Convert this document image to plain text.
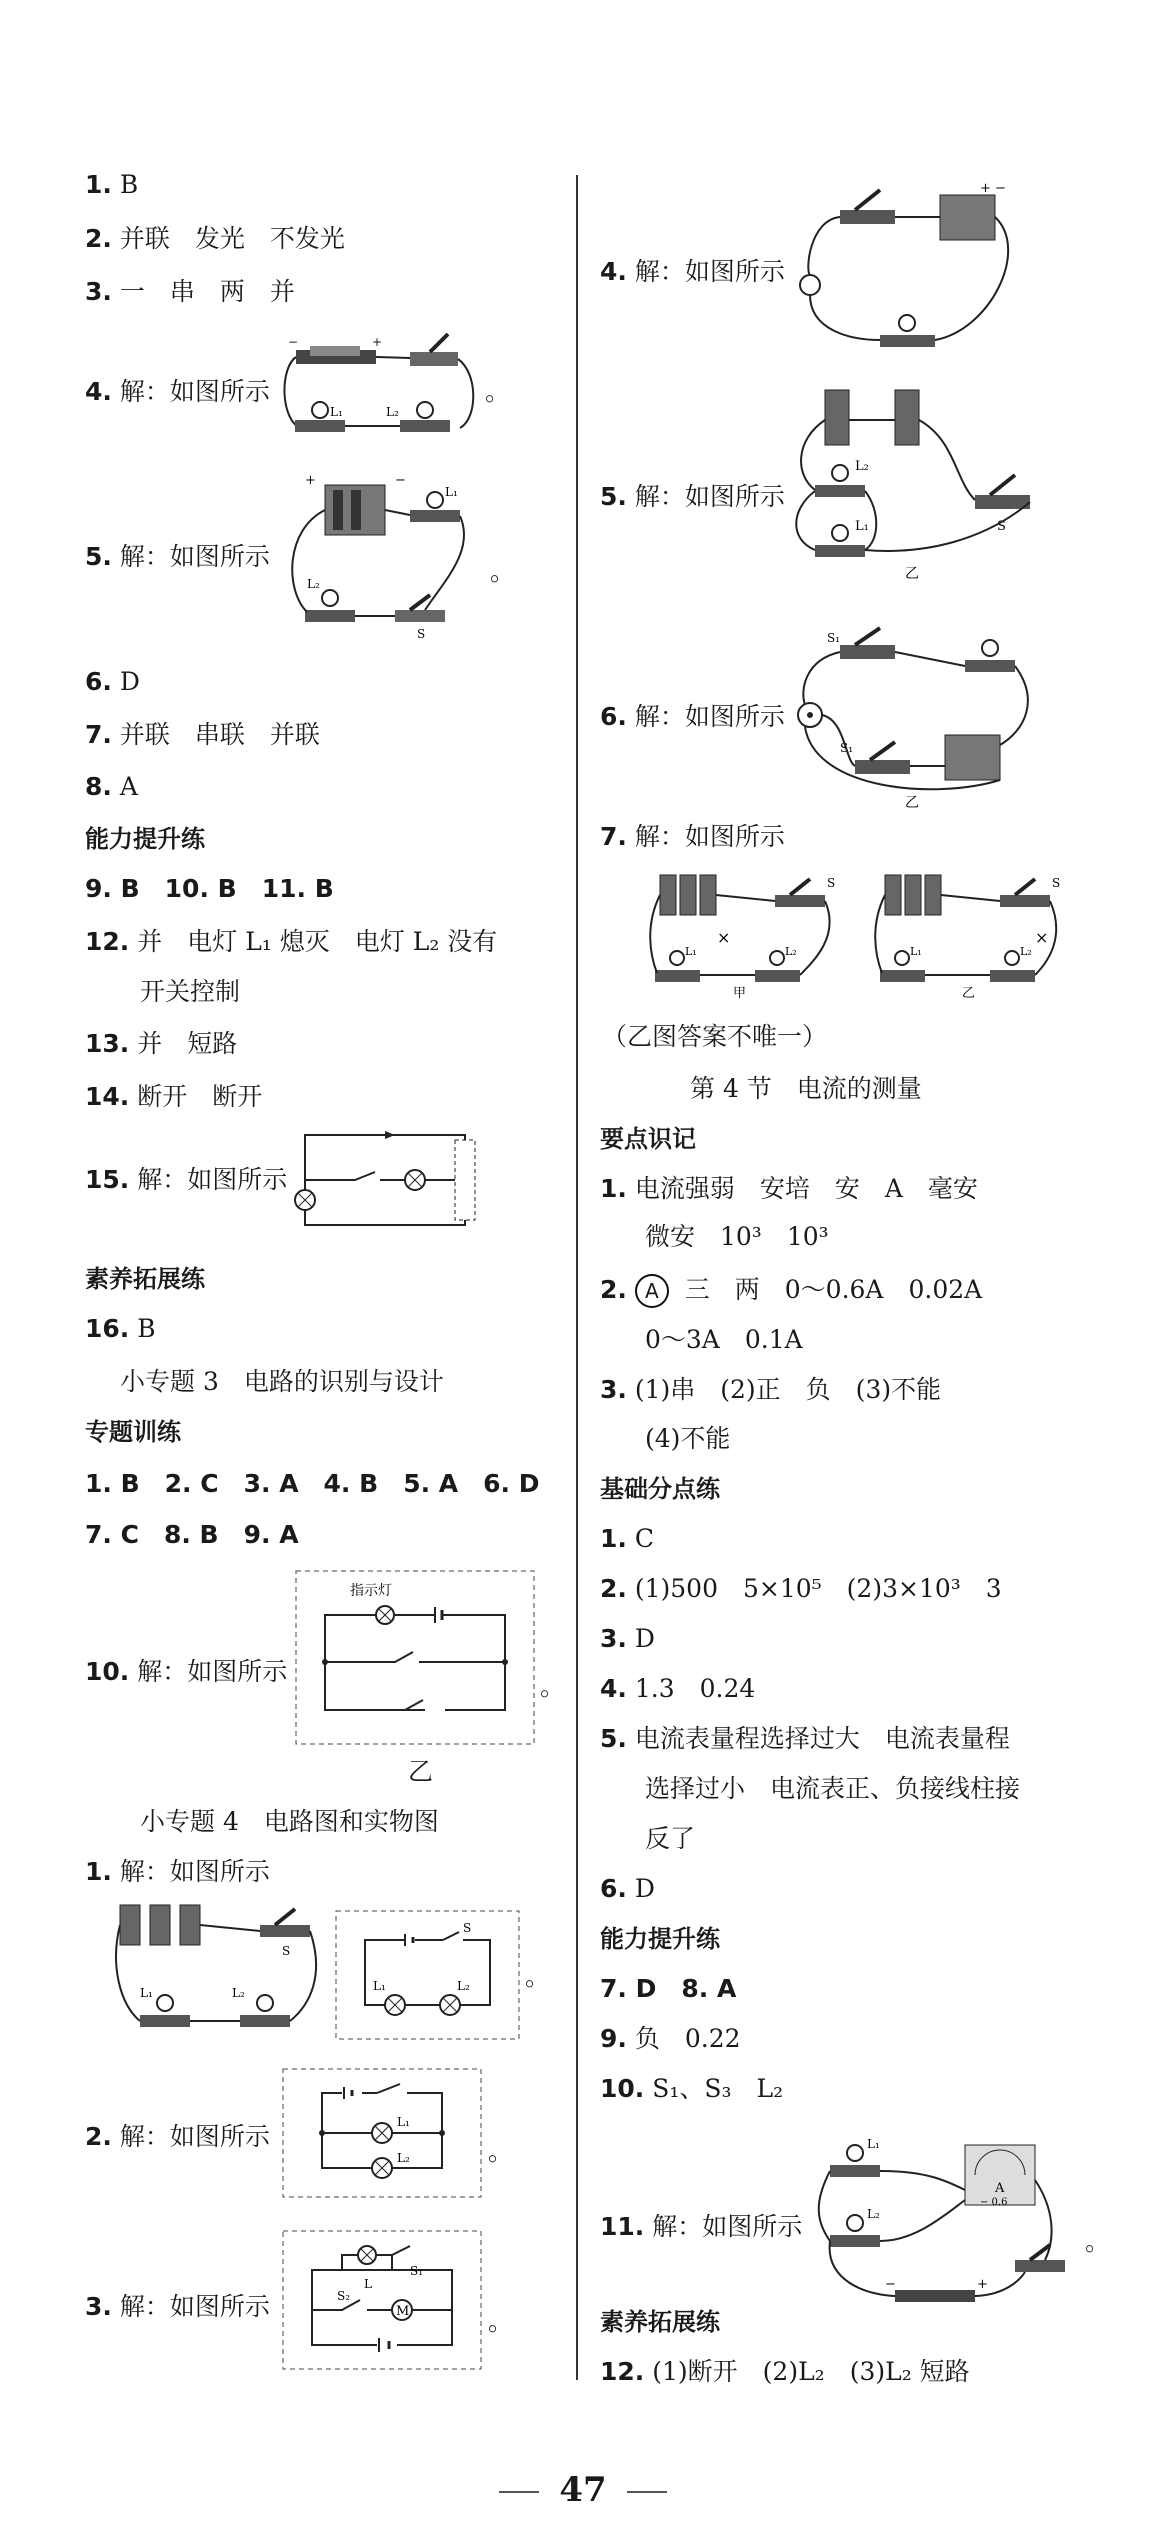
1. B
2. 并联　发光　不发光
3. 一　串　两　并
4. 解：如图所示
+
−
L₁	L₂
。
5. 解：如图所示
+	−
L₁
L₂
S
。
6. D
7. 并联　串联　并联
8. A
能力提升练
9. B　10. B　11. B
12. 并　电灯 L₁ 熄灭　电灯 L₂ 没有
开关控制
13. 并　短路
14. 断开　断开
15. 解：如图所示
素养拓展练
16. B
小专题 3　电路的识别与设计
专题训练
1. B　2. C　3. A　4. B　5. A　6. D
7. C　8. B　9. A
10. 解：如图所示
指示灯
。
乙
小专题 4　电路图和实物图
1. 解：如图所示
S
L₁	L₂
S
L₁	L₂ 。
2. 解：如图所示	L₁
L₂	。
3. 解：如图所示
L
S₁
M
S₂
。
4. 解：如图所示
+ −
5. 解：如图所示
L₂
L₁	S
乙
6. 解：如图所示
S₁
S₁
乙
7. 解：如图所示
S
L₁	L₂
×
甲
S
L₁	L₂
×
乙
（乙图答案不唯一）
第 4 节　电流的测量
要点识记
1. 电流强弱　安培　安　A　毫安
微安　10³　10³
2. A 三　两　0～0.6A　0.02A
0～3A　0.1A
3. (1)串　(2)正　负　(3)不能
(4)不能
基础分点练
1. C
2. (1)500　5×10⁵　(2)3×10³　3
3. D
4. 1.3　0.24
5. 电流表量程选择过大　电流表量程
选择过小　电流表正、负接线柱接
反了
6. D
能力提升练
7. D　8. A
9. 负　0.22
10. S₁、S₃　L₂
11. 解：如图所示
L₁
L₂
A
− 0.6
−	+
。
素养拓展练
12. (1)断开　(2)L₂　(3)L₂ 短路
47
